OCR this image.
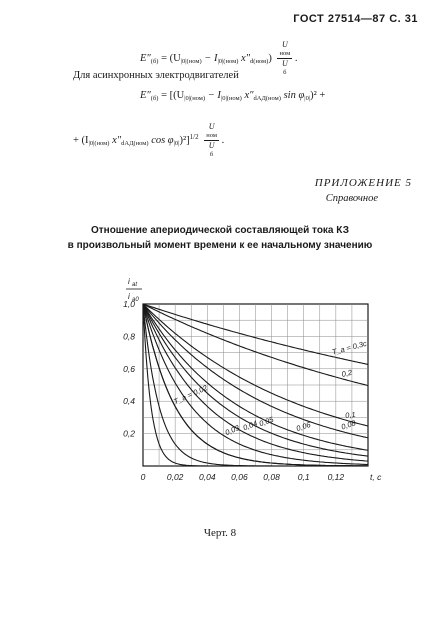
ГОСТ 27514—87 С. 31
$E''_{(б)} = (U_{|0|(ном)} - I_{|0|(ном)}$ $x''_{d(ном)}$) U
ном
U
б .
Для асинхронных электродвигателей
$E''_{(б)} = [(U_{|0|(ном)} - I_{|0|(ном)}$ $x''_{dАД(ном)}$ $\sin \varphi_{|0|})^2$ +
+ ($I_{|0|(ном)}$ $x''_{dАД(ном)}$ $\cos \varphi_{|0|})^2]^{1/2}$ U
ном
U
б .
ПРИЛОЖЕНИЕ 5
Справочное
Отношение апериодической составляющей тока КЗ
в произвольный момент времени к ее начальному значению
0	0,02 0,04 0,06 0,08 0,1 0,12	t, c
0,2
0,4
0,6
0,8
1,0
T_a = 0,3c
0,2
0,1
0,08
0,06
0,05
0,04
0,03
T_a = 0,02
i at
i a0
Черт. 8
